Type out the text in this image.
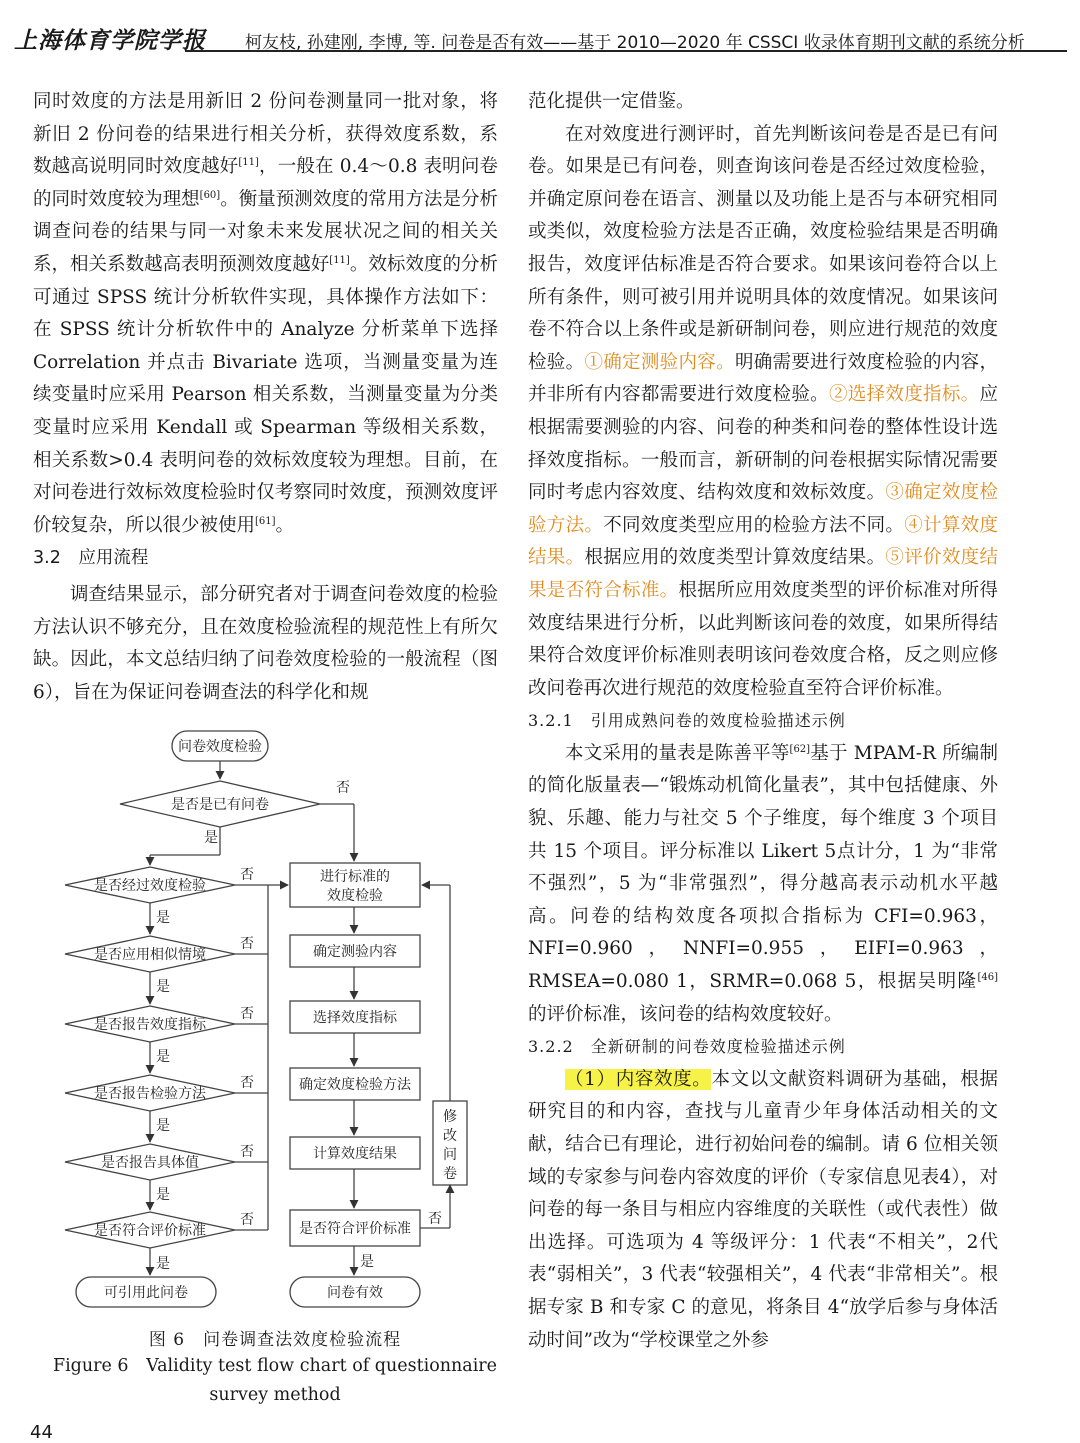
上海体育学院学报 柯友枝, 孙建刚, 李博, 等. 问卷是否有效——基于 2010—2020 年 CSSCI 收录体育期刊文献的系统分析

同时效度的方法是用新旧 2 份问卷测量同一批对象，将新旧 2 份问卷的结果进行相关分析，获得效度系数，系数越高说明同时效度越好[11]，一般在 0.4～0.8 表明问卷的同时效度较为理想[60]。衡量预测效度的常用方法是分析调查问卷的结果与同一对象未来发展状况之间的相关关系，相关系数越高表明预测效度越好[11]。效标效度的分析可通过 SPSS 统计分析软件实现，具体操作方法如下：在 SPSS 统计分析软件中的 Analyze 分析菜单下选择 Correlation 并点击 Bivariate 选项，当测量变量为连续变量时应采用 Pearson 相关系数，当测量变量为分类变量时应采用 Kendall 或 Spearman 等级相关系数，相关系数>0.4 表明问卷的效标效度较为理想。目前，在对问卷进行效标效度检验时仅考察同时效度，预测效度评价较复杂，所以很少被使用[61]。

3.2　应用流程

调查结果显示，部分研究者对于调查问卷效度的检验方法认识不够充分，且在效度检验流程的规范性上有所欠缺。因此，本文总结归纳了问卷效度检验的一般流程（图6），旨在为保证问卷调查法的科学化和规

问卷效度检验
是否是已有问卷
是否经过效度检验
是否应用相似情境
是否报告效度指标
是否报告检验方法
是否报告具体值
是否符合评价标准
进行标准的
效度检验
确定测验内容
选择效度指标
确定效度检验方法
计算效度结果
是否符合评价标准
修
改
问
卷
可引用此问卷	问卷有效
否
是
否
否
否
否
否
否
是
是
是
是
是
是
否
是
图 6　问卷调查法效度检验流程
Figure 6　Validity test flow chart of questionnaire
survey method

范化提供一定借鉴。

在对效度进行测评时，首先判断该问卷是否是已有问卷。如果是已有问卷，则查询该问卷是否经过效度检验，并确定原问卷在语言、测量以及功能上是否与本研究相同或类似，效度检验方法是否正确，效度检验结果是否明确报告，效度评估标准是否符合要求。如果该问卷符合以上所有条件，则可被引用并说明具体的效度情况。如果该问卷不符合以上条件或是新研制问卷，则应进行规范的效度检验。①确定测验内容。明确需要进行效度检验的内容，并非所有内容都需要进行效度检验。②选择效度指标。应根据需要测验的内容、问卷的种类和问卷的整体性设计选择效度指标。一般而言，新研制的问卷根据实际情况需要同时考虑内容效度、结构效度和效标效度。③确定效度检验方法。不同效度类型应用的检验方法不同。④计算效度结果。根据应用的效度类型计算效度结果。⑤评价效度结果是否符合标准。根据所应用效度类型的评价标准对所得效度结果进行分析，以此判断该问卷的效度，如果所得结果符合效度评价标准则表明该问卷效度合格，反之则应修改问卷再次进行规范的效度检验直至符合评价标准。

3.2.1　引用成熟问卷的效度检验描述示例

本文采用的量表是陈善平等[62]基于 MPAM-R 所编制的简化版量表—“锻炼动机简化量表”，其中包括健康、外貌、乐趣、能力与社交 5 个子维度，每个维度 3 个项目共 15 个项目。评分标准以 Likert 5点计分，1 为“非常不强烈”，5 为“非常强烈”，得分越高表示动机水平越高。问卷的结构效度各项拟合指标为 CFI=0.963，NFI=0.960，NNFI=0.955，EIFI=0.963，RMSEA=0.080 1，SRMR=0.068 5，根据吴明隆[46]的评价标准，该问卷的结构效度较好。

3.2.2　全新研制的问卷效度检验描述示例

（1）内容效度。本文以文献资料调研为基础，根据研究目的和内容，查找与儿童青少年身体活动相关的文献，结合已有理论，进行初始问卷的编制。请 6 位相关领域的专家参与问卷内容效度的评价（专家信息见表4），对问卷的每一条目与相应内容维度的关联性（或代表性）做出选择。可选项为 4 等级评分：1 代表“不相关”，2代表“弱相关”，3 代表“较强相关”，4 代表“非常相关”。根据专家 B 和专家 C 的意见，将条目 4“放学后参与身体活动时间”改为“学校课堂之外参

44
